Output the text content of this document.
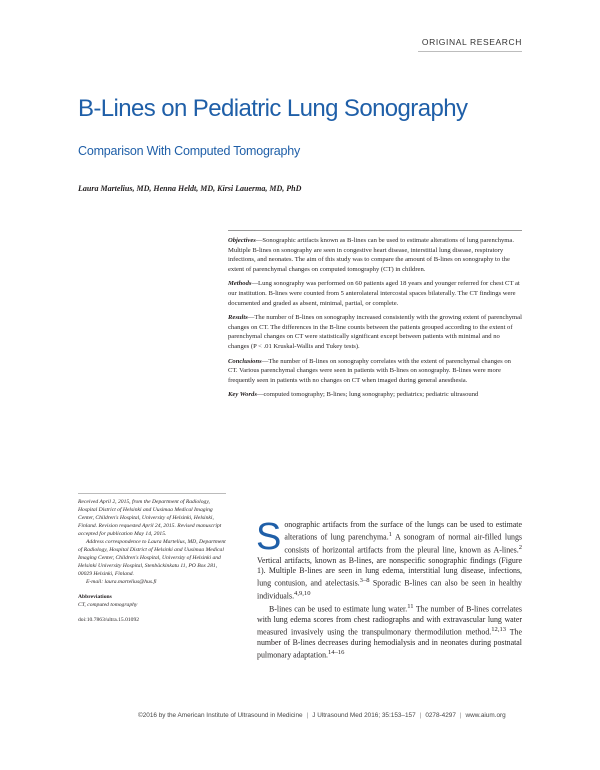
ORIGINAL RESEARCH
B-Lines on Pediatric Lung Sonography
Comparison With Computed Tomography
Laura Martelius, MD, Henna Heldt, MD, Kirsi Lauerma, MD, PhD

Objectives—Sonographic artifacts known as B-lines can be used to estimate alterations of lung parenchyma. Multiple B-lines on sonography are seen in congestive heart disease, interstitial lung disease, respiratory infections, and neonates. The aim of this study was to compare the amount of B-lines on sonography to the extent of parenchymal changes on computed tomography (CT) in children.

Methods—Lung sonography was performed on 60 patients aged 18 years and younger referred for chest CT at our institution. B-lines were counted from 5 anterolateral intercostal spaces bilaterally. The CT findings were documented and graded as absent, minimal, partial, or complete.

Results—The number of B-lines on sonography increased consistently with the growing extent of parenchymal changes on CT. The differences in the B-line counts between the patients grouped according to the extent of parenchymal changes on CT were statistically significant except between patients with minimal and no changes (P < .01 Kruskal-Wallis and Tukey tests).

Conclusions—The number of B-lines on sonography correlates with the extent of parenchymal changes on CT. Various parenchymal changes were seen in patients with B-lines on sonography. B-lines were more frequently seen in patients with no changes on CT when imaged during general anesthesia.

Key Words—computed tomography; B-lines; lung sonography; pediatrics; pediatric ultrasound

Received April 2, 2015, from the Department of Radiology, Hospital District of Helsinki and Uusimaa Medical Imaging Center, Children's Hospital, University of Helsinki, Helsinki, Finland. Revision requested April 24, 2015. Revised manuscript accepted for publication May 14, 2015.

Address correspondence to Laura Martelius, MD, Department of Radiology, Hospital District of Helsinki and Uusimaa Medical Imaging Center, Children's Hospital, University of Helsinki and Helsinki University Hospital, Stenbäckinkatu 11, PO Box 281, 00029 Helsinki, Finland.

E-mail: laura.martelius@hus.fi

Abbreviations

CT, computed tomography

doi:10.7863/ultra.15.01092

Sonographic artifacts from the surface of the lungs can be used to estimate alterations of lung parenchyma.$^1$ A sonogram of normal air-filled lungs consists of horizontal artifacts from the pleural line, known as A-lines.$^2$ Vertical artifacts, known as B-lines, are nonspecific sonographic findings (Figure 1). Multiple B-lines are seen in lung edema, interstitial lung disease, infections, lung contusion, and atelectasis.$^{3-8}$ Sporadic B-lines can also be seen in healthy individuals.$^{4,9,10}$

B-lines can be used to estimate lung water.$^{11}$ The number of B-lines correlates with lung edema scores from chest radiographs and with extravascular lung water measured invasively using the transpulmonary thermodilution method.$^{12,13}$ The number of B-lines decreases during hemodialysis and in neonates during postnatal pulmonary adaptation.$^{14-16}$

©2016 by the American Institute of Ultrasound in Medicine | J Ultrasound Med 2016; 35:153–157 | 0278-4297 | www.aium.org
